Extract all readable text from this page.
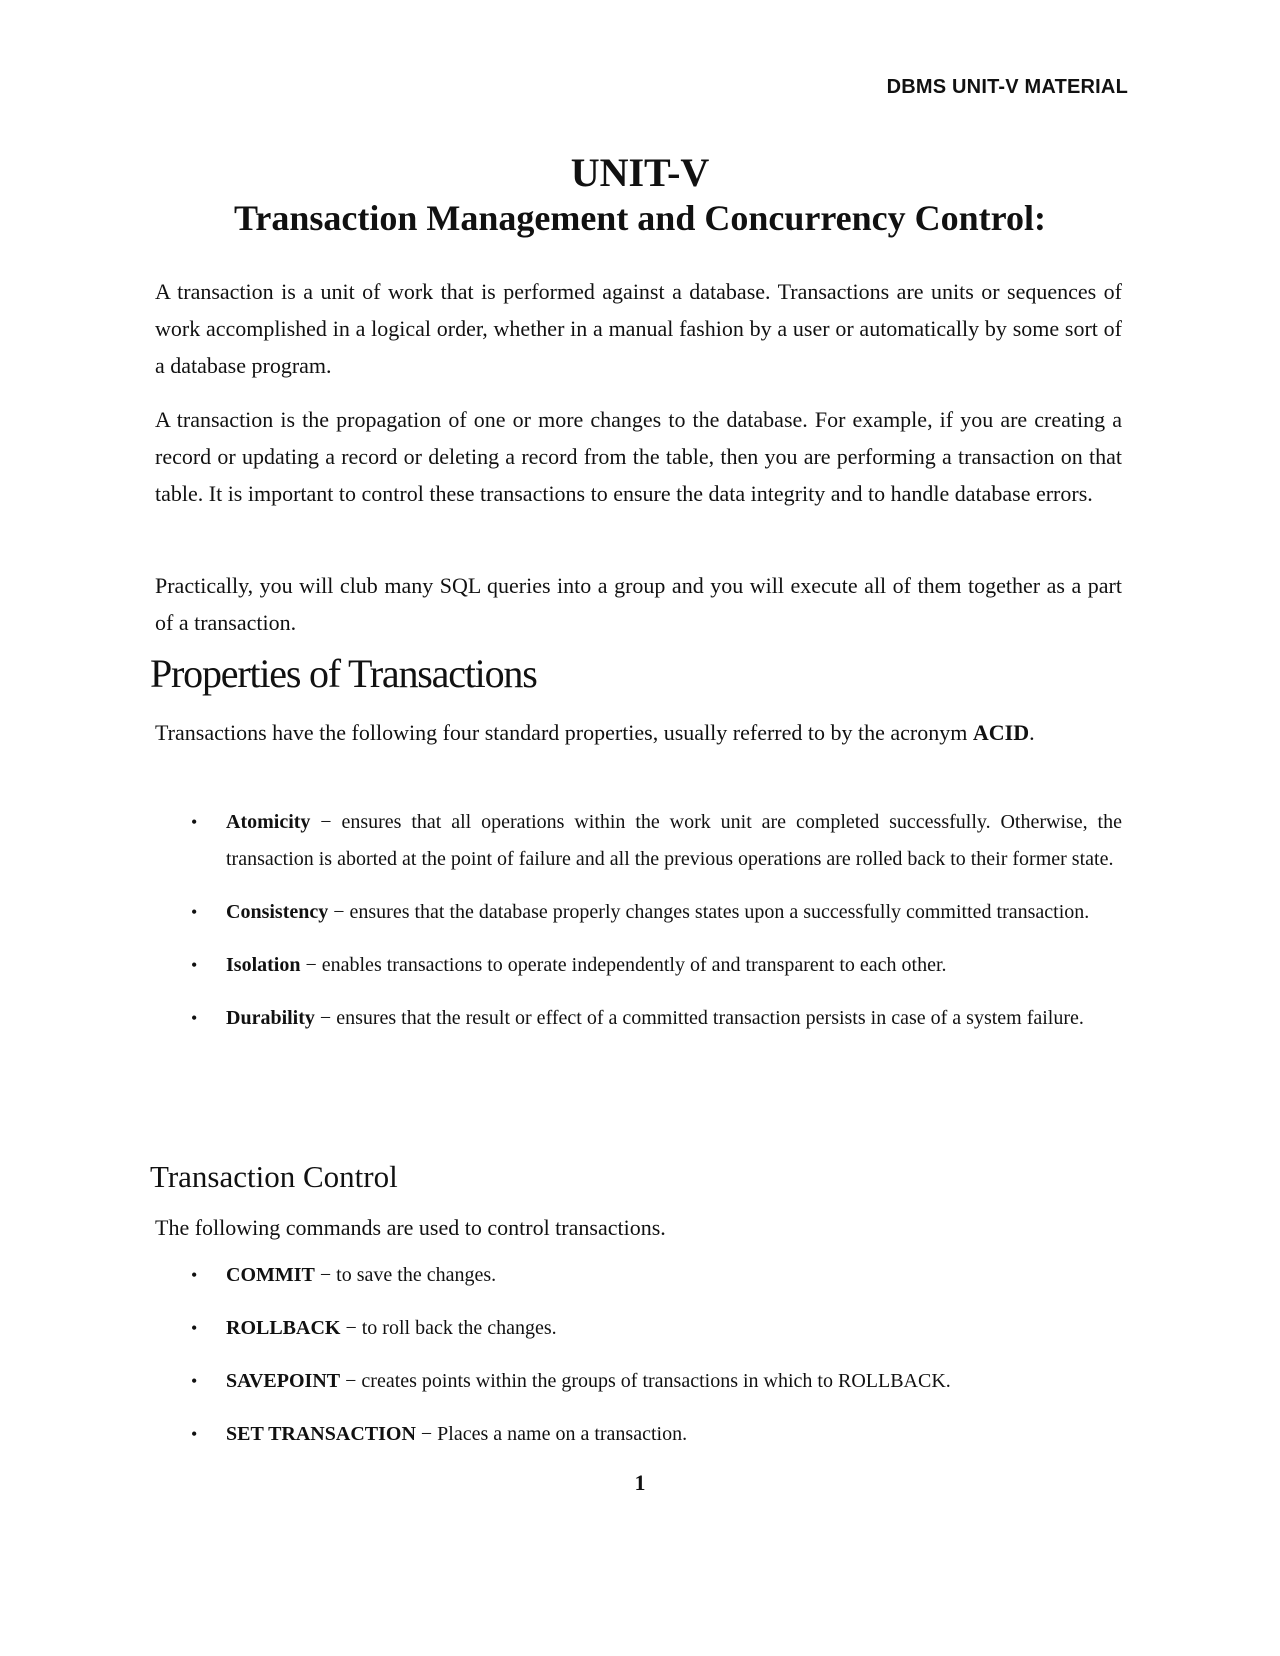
DBMS UNIT-V MATERIAL
UNIT-V
Transaction Management and Concurrency Control:

A transaction is a unit of work that is performed against a database. Transactions are units or sequences of work accomplished in a logical order, whether in a manual fashion by a user or automatically by some sort of a database program.

A transaction is the propagation of one or more changes to the database. For example, if you are creating a record or updating a record or deleting a record from the table, then you are performing a transaction on that table. It is important to control these transactions to ensure the data integrity and to handle database errors.

Practically, you will club many SQL queries into a group and you will execute all of them together as a part of a transaction.

Properties of Transactions

Transactions have the following four standard properties, usually referred to by the acronym ACID.

• Atomicity − ensures that all operations within the work unit are completed successfully. Otherwise, the transaction is aborted at the point of failure and all the previous operations are rolled back to their former state.
• Consistency − ensures that the database properly changes states upon a successfully committed transaction.
• Isolation − enables transactions to operate independently of and transparent to each other.
• Durability − ensures that the result or effect of a committed transaction persists in case of a system failure.
Transaction Control

The following commands are used to control transactions.

• COMMIT − to save the changes.
• ROLLBACK − to roll back the changes.
• SAVEPOINT − creates points within the groups of transactions in which to ROLLBACK.
• SET TRANSACTION − Places a name on a transaction.
1
